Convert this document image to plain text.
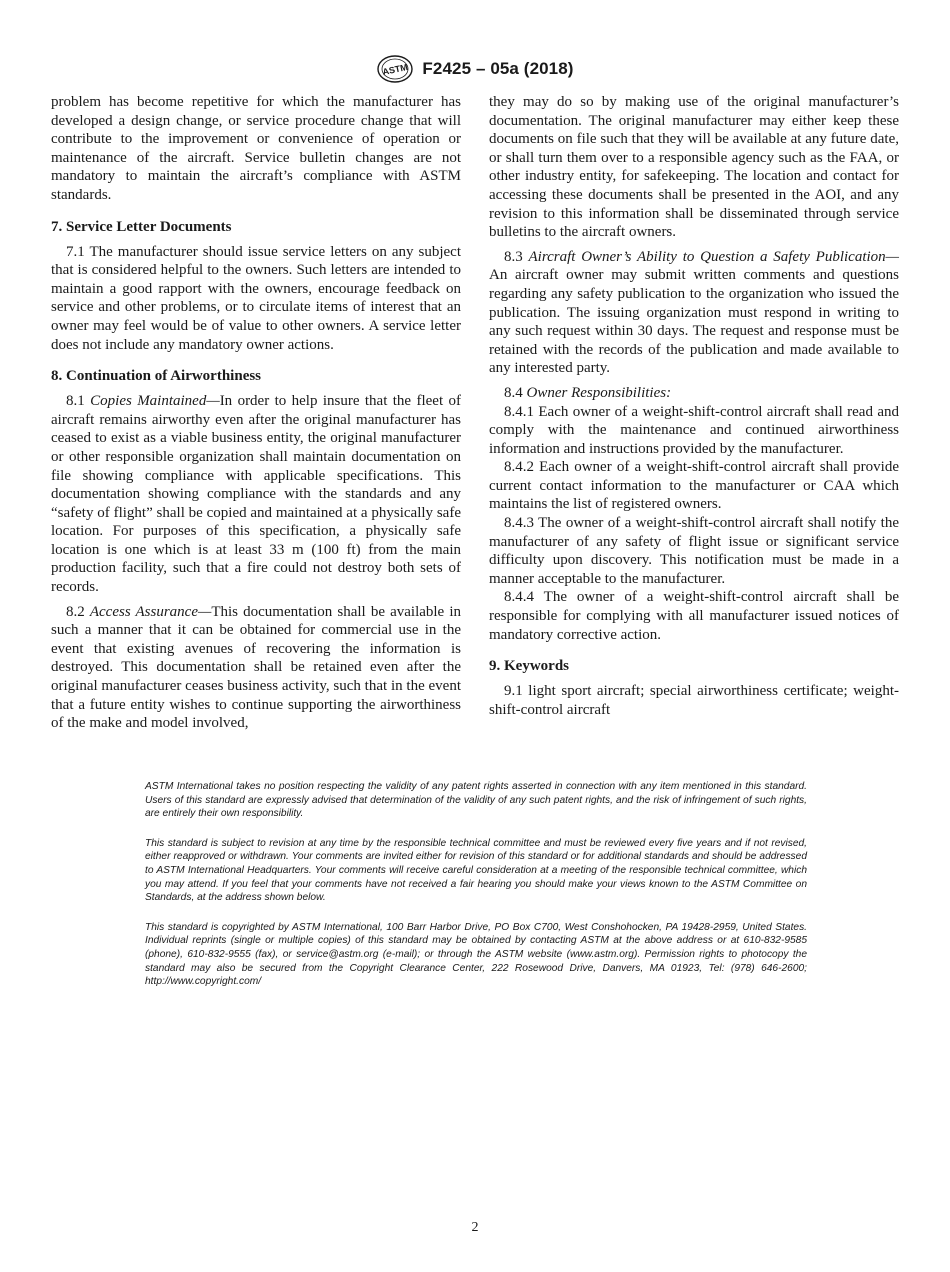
ASTM F2425 – 05a (2018)

problem has become repetitive for which the manufacturer has developed a design change, or service procedure change that will contribute to the improvement or convenience of operation or maintenance of the aircraft. Service bulletin changes are not mandatory to maintain the aircraft’s compliance with ASTM standards.

7. Service Letter Documents

7.1 The manufacturer should issue service letters on any subject that is considered helpful to the owners. Such letters are intended to maintain a good rapport with the owners, encourage feedback on service and other problems, or to circulate items of interest that an owner may feel would be of value to other owners. A service letter does not include any mandatory owner actions.

8. Continuation of Airworthiness

8.1 Copies Maintained—In order to help insure that the fleet of aircraft remains airworthy even after the original manufacturer has ceased to exist as a viable business entity, the original manufacturer or other responsible organization shall maintain documentation on file showing compliance with applicable specifications. This documentation showing compliance with the standards and any “safety of flight” shall be copied and maintained at a physically safe location. For purposes of this specification, a physically safe location is one which is at least 33 m (100 ft) from the main production facility, such that a fire could not destroy both sets of records.

8.2 Access Assurance—This documentation shall be available in such a manner that it can be obtained for commercial use in the event that existing avenues of recovering the information is destroyed. This documentation shall be retained even after the original manufacturer ceases business activity, such that in the event that a future entity wishes to continue supporting the airworthiness of the make and model involved,

they may do so by making use of the original manufacturer’s documentation. The original manufacturer may either keep these documents on file such that they will be available at any future date, or shall turn them over to a responsible agency such as the FAA, or other industry entity, for safekeeping. The location and contact for accessing these documents shall be presented in the AOI, and any revision to this information shall be disseminated through service bulletins to the aircraft owners.

8.3 Aircraft Owner’s Ability to Question a Safety Publication—An aircraft owner may submit written comments and questions regarding any safety publication to the organization who issued the publication. The issuing organization must respond in writing to any such request within 30 days. The request and response must be retained with the records of the publication and made available to any interested party.

8.4 Owner Responsibilities:

8.4.1 Each owner of a weight-shift-control aircraft shall read and comply with the maintenance and continued airworthiness information and instructions provided by the manufacturer.

8.4.2 Each owner of a weight-shift-control aircraft shall provide current contact information to the manufacturer or CAA which maintains the list of registered owners.

8.4.3 The owner of a weight-shift-control aircraft shall notify the manufacturer of any safety of flight issue or significant service difficulty upon discovery. This notification must be made in a manner acceptable to the manufacturer.

8.4.4 The owner of a weight-shift-control aircraft shall be responsible for complying with all manufacturer issued notices of mandatory corrective action.

9. Keywords

9.1 light sport aircraft; special airworthiness certificate; weight-shift-control aircraft

ASTM International takes no position respecting the validity of any patent rights asserted in connection with any item mentioned in this standard. Users of this standard are expressly advised that determination of the validity of any such patent rights, and the risk of infringement of such rights, are entirely their own responsibility.

This standard is subject to revision at any time by the responsible technical committee and must be reviewed every five years and if not revised, either reapproved or withdrawn. Your comments are invited either for revision of this standard or for additional standards and should be addressed to ASTM International Headquarters. Your comments will receive careful consideration at a meeting of the responsible technical committee, which you may attend. If you feel that your comments have not received a fair hearing you should make your views known to the ASTM Committee on Standards, at the address shown below.

This standard is copyrighted by ASTM International, 100 Barr Harbor Drive, PO Box C700, West Conshohocken, PA 19428-2959, United States. Individual reprints (single or multiple copies) of this standard may be obtained by contacting ASTM at the above address or at 610-832-9585 (phone), 610-832-9555 (fax), or service@astm.org (e-mail); or through the ASTM website (www.astm.org). Permission rights to photocopy the standard may also be secured from the Copyright Clearance Center, 222 Rosewood Drive, Danvers, MA 01923, Tel: (978) 646-2600; http://www.copyright.com/

2
